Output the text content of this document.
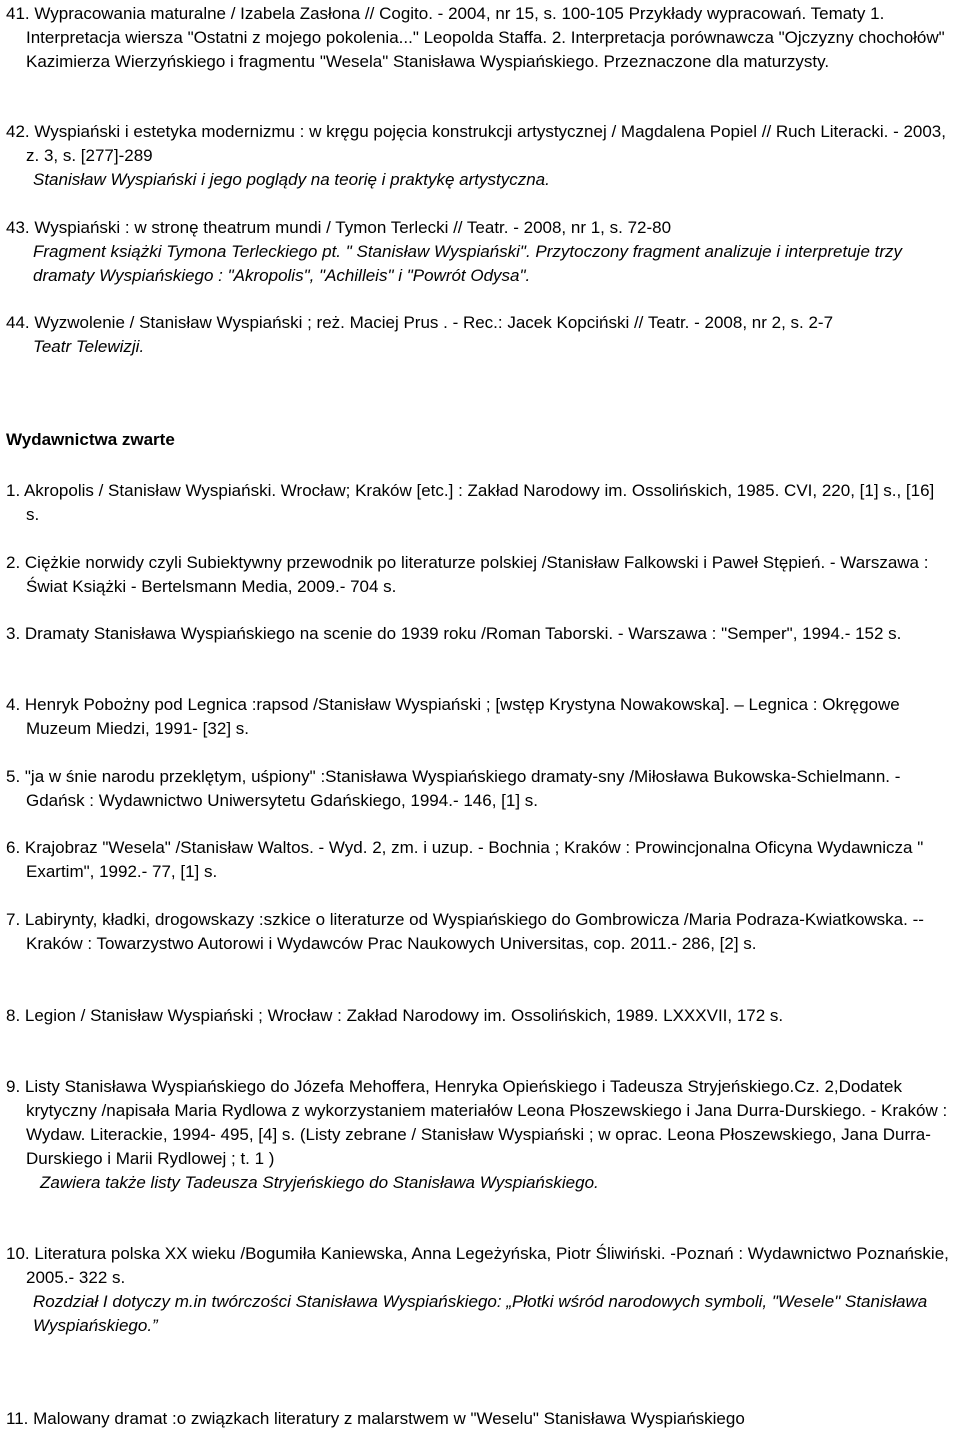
41. Wypracowania maturalne / Izabela Zasłona // Cogito. - 2004, nr 15, s. 100-105 Przykłady wypracowań. Tematy 1. Interpretacja wiersza "Ostatni z mojego pokolenia..." Leopolda Staffa. 2. Interpretacja porównawcza "Ojczyzny chochołów" Kazimierza Wierzyńskiego i fragmentu "Wesela" Stanisława Wyspiańskiego. Przeznaczone dla maturzysty.

42. Wyspiański i estetyka modernizmu : w kręgu pojęcia konstrukcji artystycznej / Magdalena Popiel // Ruch Literacki. - 2003, z. 3, s. [277]-289

Stanisław Wyspiański i jego poglądy na teorię i praktykę artystyczna.

43. Wyspiański : w stronę theatrum mundi / Tymon Terlecki // Teatr. - 2008, nr 1, s. 72-80

Fragment książki Tymona Terleckiego pt. " Stanisław Wyspiański". Przytoczony fragment analizuje i interpretuje trzy dramaty Wyspiańskiego : "Akropolis", "Achilleis" i "Powrót Odysa".

44. Wyzwolenie / Stanisław Wyspiański ; reż. Maciej Prus . - Rec.: Jacek Kopciński // Teatr. - 2008, nr 2, s. 2-7

Teatr Telewizji.

Wydawnictwa zwarte

1. Akropolis / Stanisław Wyspiański. Wrocław; Kraków [etc.] : Zakład Narodowy im. Ossolińskich, 1985. CVI, 220, [1] s., [16] s.

2. Ciężkie norwidy czyli Subiektywny przewodnik po literaturze polskiej /Stanisław Falkowski i Paweł Stępień. - Warszawa : Świat Książki - Bertelsmann Media, 2009.- 704 s.

3. Dramaty Stanisława Wyspiańskiego na scenie do 1939 roku /Roman Taborski. - Warszawa : "Semper", 1994.- 152 s.

4. Henryk Pobożny pod Legnica :rapsod /Stanisław Wyspiański ; [wstęp Krystyna Nowakowska]. – Legnica : Okręgowe Muzeum Miedzi, 1991- [32] s.

5. "ja w śnie narodu przeklętym, uśpiony" :Stanisława Wyspiańskiego dramaty-sny /Miłosława Bukowska-Schielmann. - Gdańsk : Wydawnictwo Uniwersytetu Gdańskiego, 1994.- 146, [1] s.

6. Krajobraz "Wesela" /Stanisław Waltos. - Wyd. 2, zm. i uzup. - Bochnia ; Kraków : Prowincjonalna Oficyna Wydawnicza " Exartim", 1992.- 77, [1] s.

7. Labirynty, kładki, drogowskazy :szkice o literaturze od Wyspiańskiego do Gombrowicza /Maria Podraza-Kwiatkowska. -- Kraków : Towarzystwo Autorowi i Wydawców Prac Naukowych Universitas, cop. 2011.- 286, [2] s.

8. Legion / Stanisław Wyspiański ; Wrocław : Zakład Narodowy im. Ossolińskich, 1989. LXXXVII, 172 s.

9. Listy Stanisława Wyspiańskiego do Józefa Mehoffera, Henryka Opieńskiego i Tadeusza Stryjeńskiego.Cz. 2,Dodatek krytyczny /napisała Maria Rydlowa z wykorzystaniem materiałów Leona Płoszewskiego i Jana Durra-Durskiego. - Kraków : Wydaw. Literackie, 1994- 495, [4] s. (Listy zebrane / Stanisław Wyspiański ; w oprac. Leona Płoszewskiego, Jana Durra-Durskiego i Marii Rydlowej ; t. 1 )

Zawiera także listy Tadeusza Stryjeńskiego do Stanisława Wyspiańskiego.

10. Literatura polska XX wieku /Bogumiła Kaniewska, Anna Legeżyńska, Piotr Śliwiński. -Poznań : Wydawnictwo Poznańskie, 2005.- 322 s.

Rozdział I dotyczy m.in twórczości Stanisława Wyspiańskiego: „Płotki wśród narodowych symboli, "Wesele" Stanisława Wyspiańskiego.”

11. Malowany dramat :o związkach literatury z malarstwem w "Weselu" Stanisława Wyspiańskiego
